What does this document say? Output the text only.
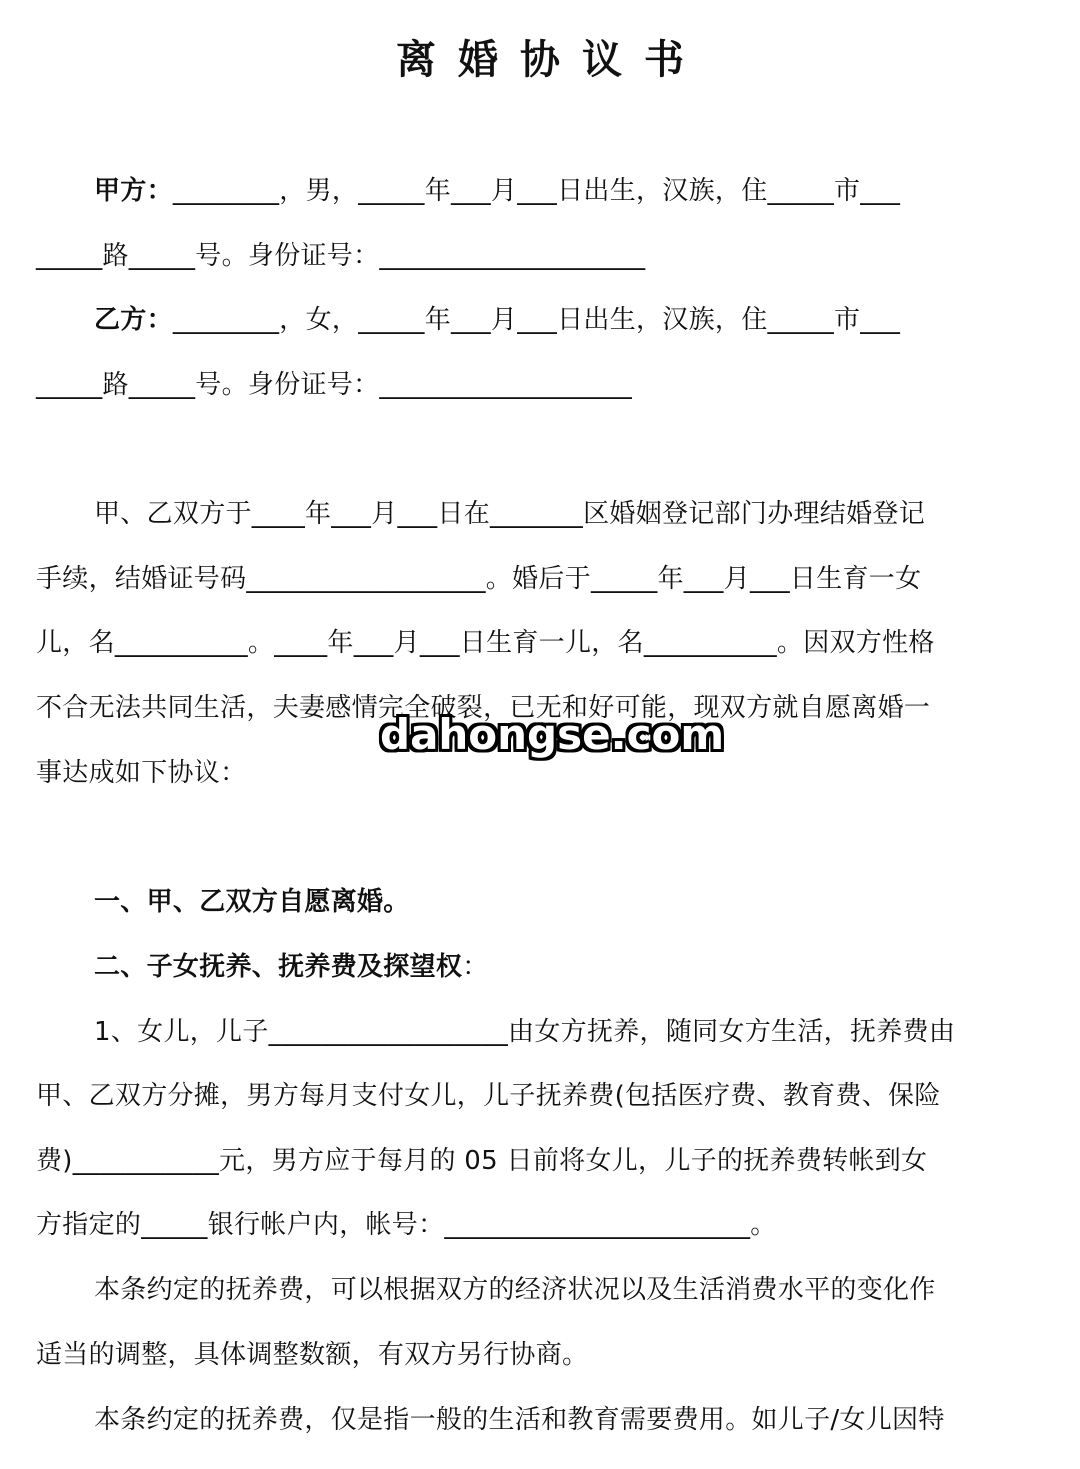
离婚协议书
甲方：________，男，_____年___月___日出生，汉族，住_____市___
_____路_____号。身份证号：____________________
乙方：________，女，_____年___月___日出生，汉族，住_____市___
_____路_____号。身份证号：___________________
甲、乙双方于____年___月___日在_______区婚姻登记部门办理结婚登记
手续，结婚证号码__________________。婚后于_____年___月___日生育一女
儿，名__________。____年___月___日生育一儿，名__________。因双方性格
不合无法共同生活，夫妻感情完全破裂，已无和好可能，现双方就自愿离婚一
事达成如下协议：
一、甲、乙双方自愿离婚。
二、子女抚养、抚养费及探望权：
1、女儿，儿子__________________由女方抚养，随同女方生活，抚养费由
甲、乙双方分摊，男方每月支付女儿，儿子抚养费(包括医疗费、教育费、保险
费)___________元，男方应于每月的 05 日前将女儿，儿子的抚养费转帐到女
方指定的_____银行帐户内，帐号：_______________________。
本条约定的抚养费，可以根据双方的经济状况以及生活消费水平的变化作
适当的调整，具体调整数额，有双方另行协商。
本条约定的抚养费，仅是指一般的生活和教育需要费用。如儿子/女儿因特
dahongse.com
